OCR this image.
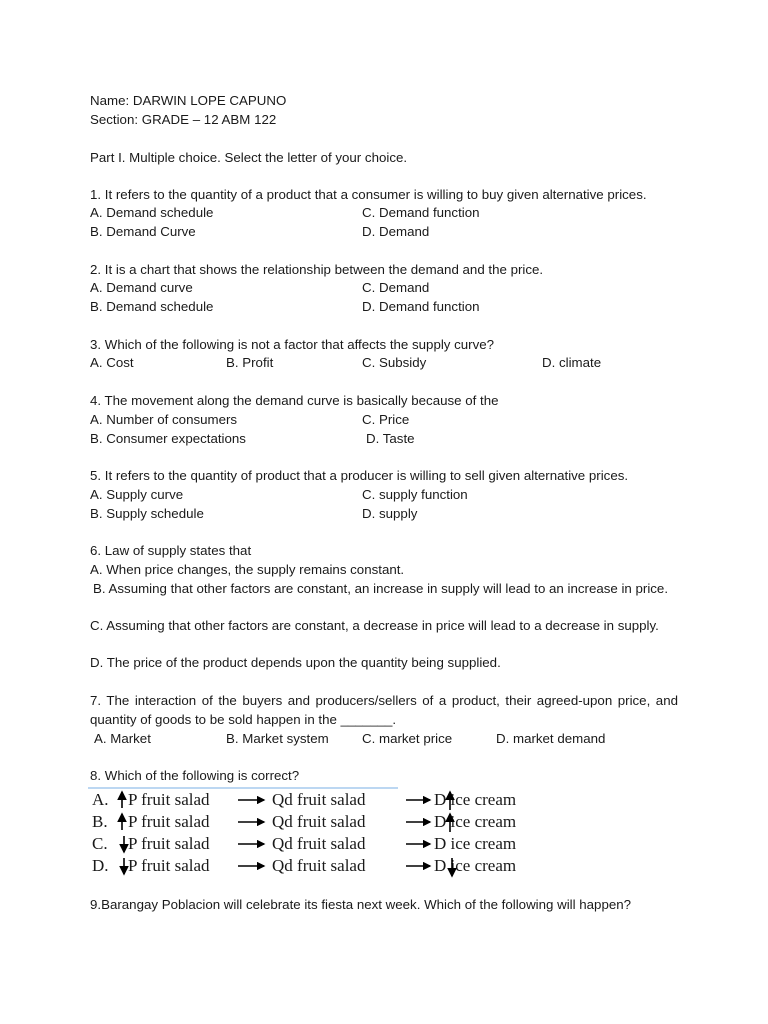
Name: DARWIN LOPE CAPUNO
Section: GRADE – 12 ABM 122
Part I. Multiple choice. Select the letter of your choice.
1. It refers to the quantity of a product that a consumer is willing to buy given alternative prices.
A. Demand schedule	C. Demand function
B. Demand Curve	D. Demand
2. It is a chart that shows the relationship between the demand and the price.
A. Demand curve	C. Demand
B. Demand schedule	D. Demand function
3. Which of the following is not a factor that affects the supply curve?
A. Cost	B. Profit	C. Subsidy	D. climate
4. The movement along the demand curve is basically because of the
A. Number of consumers	C. Price
B. Consumer expectations	D. Taste
5. It refers to the quantity of product that a producer is willing to sell given alternative prices.
A. Supply curve	C. supply function
B. Supply schedule	D. supply
6. Law of supply states that
A. When price changes, the supply remains constant.
B. Assuming that other factors are constant, an increase in supply will lead to an increase in price.
C. Assuming that other factors are constant, a decrease in price will lead to a decrease in supply.
D. The price of the product depends upon the quantity being supplied.
7. The interaction of the buyers and producers/sellers of a product, their agreed-upon price, and quantity of goods to be sold happen in the _______.
A. Market	B. Market system	C. market price	D. market demand
8. Which of the following is correct?
A. P fruit salad	Qd fruit salad	D ice cream
B. P fruit salad	Qd fruit salad	D ice cream
C. P fruit salad	Qd fruit salad	D ice cream
D. P fruit salad	Qd fruit salad	D ice cream
9.Barangay Poblacion will celebrate its fiesta next week. Which of the following will happen?
